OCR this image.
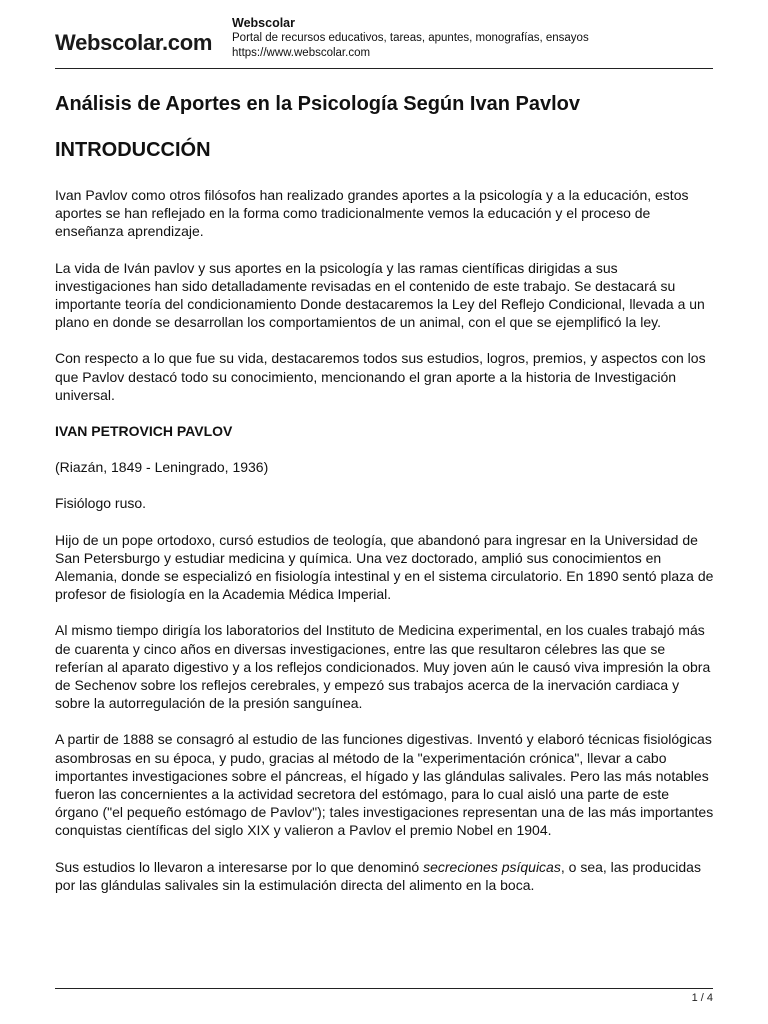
Webscolar.com
Webscolar
Portal de recursos educativos, tareas, apuntes, monografías, ensayos
https://www.webscolar.com
Análisis de Aportes en la Psicología Según Ivan Pavlov
INTRODUCCIÓN

Ivan Pavlov como otros filósofos han realizado grandes aportes a la psicología y a la educación, estos aportes se han reflejado en la forma como tradicionalmente vemos la educación y el proceso de enseñanza aprendizaje.

La vida de Iván pavlov y sus aportes en la psicología y las ramas científicas dirigidas a sus investigaciones han sido detalladamente revisadas en el contenido de este trabajo. Se destacará su importante teoría del condicionamiento Donde destacaremos la Ley del Reflejo Condicional, llevada a un plano en donde se desarrollan los comportamientos de un animal, con el que se ejemplificó la ley.

Con respecto a lo que fue su vida, destacaremos todos sus estudios, logros, premios, y aspectos con los que Pavlov destacó todo su conocimiento, mencionando el gran aporte a la historia de Investigación universal.

IVAN PETROVICH PAVLOV

(Riazán, 1849 - Leningrado, 1936)

Fisiólogo ruso.

Hijo de un pope ortodoxo, cursó estudios de teología, que abandonó para ingresar en la Universidad de San Petersburgo y estudiar medicina y química. Una vez doctorado, amplió sus conocimientos en Alemania, donde se especializó en fisiología intestinal y en el sistema circulatorio. En 1890 sentó plaza de profesor de fisiología en la Academia Médica Imperial.

Al mismo tiempo dirigía los laboratorios del Instituto de Medicina experimental, en los cuales trabajó más de cuarenta y cinco años en diversas investigaciones, entre las que resultaron célebres las que se referían al aparato digestivo y a los reflejos condicionados. Muy joven aún le causó viva impresión la obra de Sechenov sobre los reflejos cerebrales, y empezó sus trabajos acerca de la inervación cardiaca y sobre la autorregulación de la presión sanguínea.

A partir de 1888 se consagró al estudio de las funciones digestivas. Inventó y elaboró técnicas fisiológicas asombrosas en su época, y pudo, gracias al método de la "experimentación crónica", llevar a cabo importantes investigaciones sobre el páncreas, el hígado y las glándulas salivales. Pero las más notables fueron las concernientes a la actividad secretora del estómago, para lo cual aisló una parte de este órgano ("el pequeño estómago de Pavlov"); tales investigaciones representan una de las más importantes conquistas científicas del siglo XIX y valieron a Pavlov el premio Nobel en 1904.

Sus estudios lo llevaron a interesarse por lo que denominó secreciones psíquicas, o sea, las producidas por las glándulas salivales sin la estimulación directa del alimento en la boca.

1 / 4
